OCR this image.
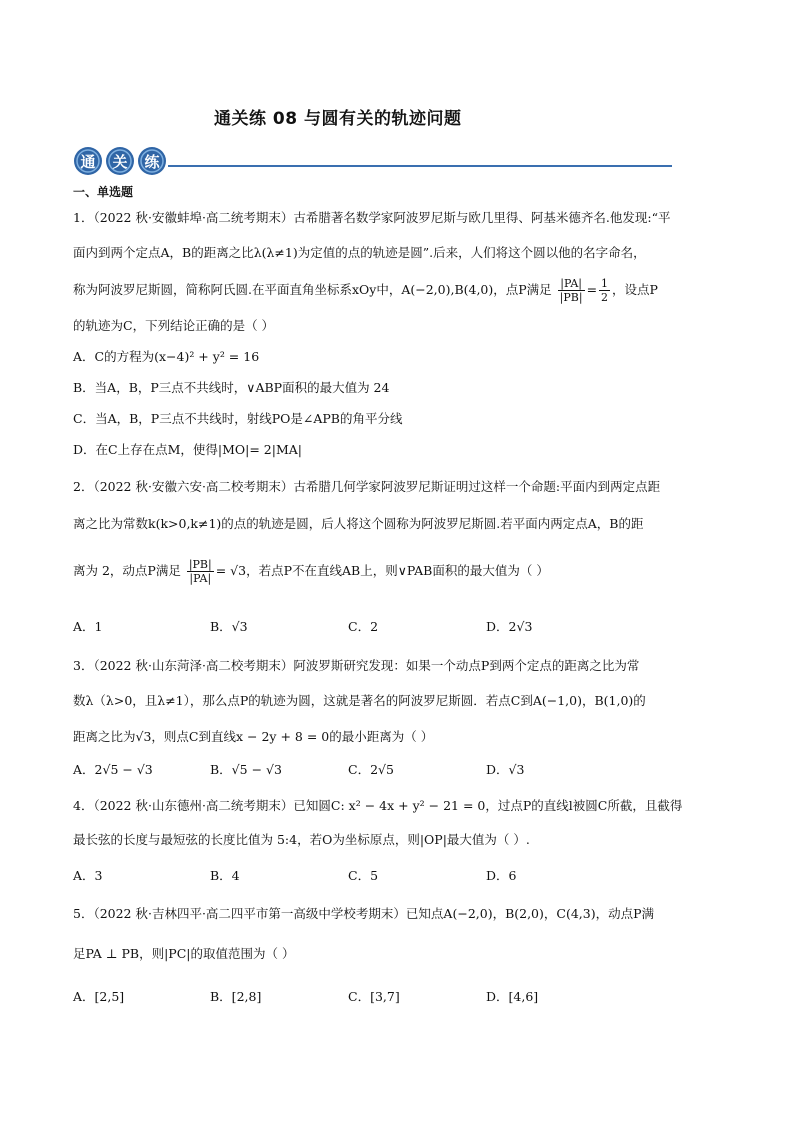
通关练 08 与圆有关的轨迹问题
通 关 练
一、单选题
1．（2022 秋·安徽蚌埠·高二统考期末）古希腊著名数学家阿波罗尼斯与欧几里得、阿基米德齐名.他发现:“平
面内到两个定点A，B的距离之比λ(λ≠1)为定值的点的轨迹是圆”.后来，人们将这个圆以他的名字命名，
称为阿波罗尼斯圆，简称阿氏圆.在平面直角坐标系xOy中，A(−2,0),B(4,0)，点P满足 $\frac{|PA|}{|PB|} = \frac{1}{2}$ ，设点P
的轨迹为C，下列结论正确的是（ ）
A．C的方程为(x−4)² + y² = 16
B．当A，B，P三点不共线时，∨ABP面积的最大值为 24
C．当A，B，P三点不共线时，射线PO是∠APB的角平分线
D．在C上存在点M，使得|MO|= 2|MA|
2．（2022 秋·安徽六安·高二校考期末）古希腊几何学家阿波罗尼斯证明过这样一个命题:平面内到两定点距
离之比为常数k(k>0,k≠1)的点的轨迹是圆，后人将这个圆称为阿波罗尼斯圆.若平面内两定点A，B的距
离为 2，动点P满足 $\frac{|PB|}{|PA|} = √3$，若点P不在直线AB上，则∨PAB面积的最大值为（ ）
A．1	B．√3	C．2	D．2√3
3．（2022 秋·山东菏泽·高二校考期末）阿波罗斯研究发现：如果一个动点P到两个定点的距离之比为常
数λ（λ>0，且λ≠1），那么点P的轨迹为圆，这就是著名的阿波罗尼斯圆．若点C到A(−1,0)，B(1,0)的
距离之比为√3，则点C到直线x − 2y + 8 = 0的最小距离为（ ）
A．2√5 − √3	B．√5 − √3	C．2√5	D．√3
4．（2022 秋·山东德州·高二统考期末）已知圆C: x² − 4x + y² − 21 = 0，过点P的直线l被圆C所截，且截得
最长弦的长度与最短弦的长度比值为 5:4，若O为坐标原点，则|OP|最大值为（ ）.
A．3	B．4	C．5	D．6
5．（2022 秋·吉林四平·高二四平市第一高级中学校考期末）已知点A(−2,0)，B(2,0)，C(4,3)，动点P满
足PA ⊥ PB，则|PC|的取值范围为（ ）
A．[2,5]	B．[2,8]	C．[3,7]	D．[4,6]
